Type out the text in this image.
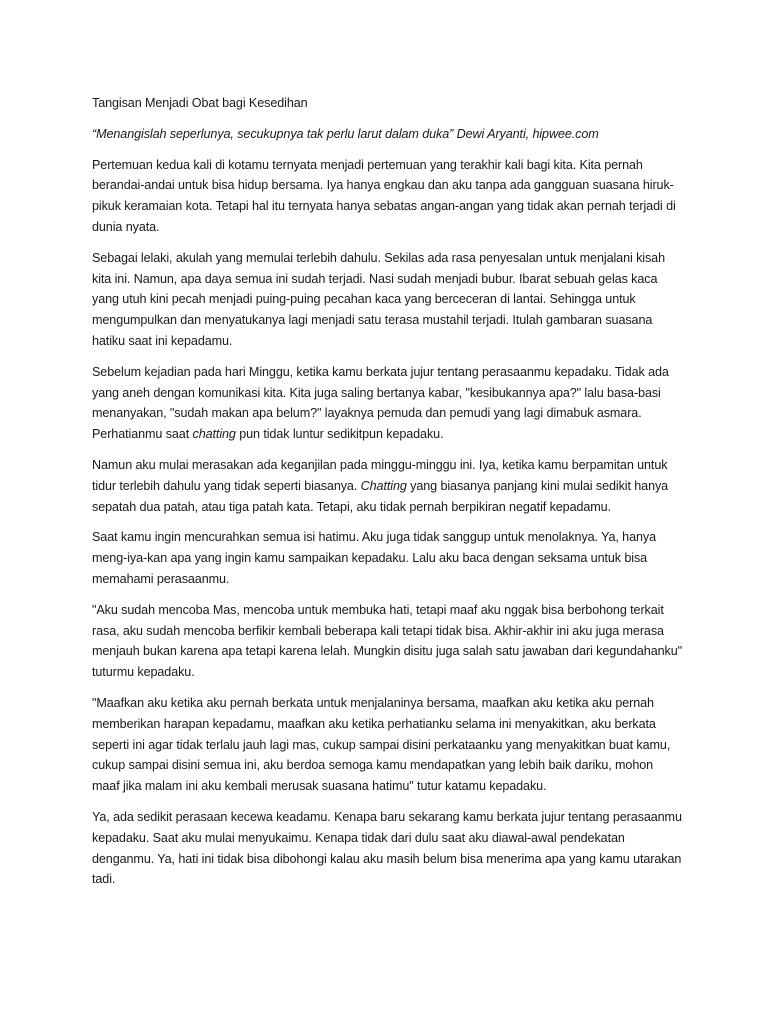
Tangisan Menjadi Obat bagi Kesedihan

“Menangislah seperlunya, secukupnya tak perlu larut dalam duka” Dewi Aryanti, hipwee.com

Pertemuan kedua kali di kotamu ternyata menjadi pertemuan yang terakhir kali bagi kita. Kita pernah berandai-andai untuk bisa hidup bersama. Iya hanya engkau dan aku tanpa ada gangguan suasana hiruk-pikuk keramaian kota. Tetapi hal itu ternyata hanya sebatas angan-angan yang tidak akan pernah terjadi di dunia nyata.

Sebagai lelaki, akulah yang memulai terlebih dahulu. Sekilas ada rasa penyesalan untuk menjalani kisah kita ini. Namun, apa daya semua ini sudah terjadi. Nasi sudah menjadi bubur. Ibarat sebuah gelas kaca yang utuh kini pecah menjadi puing-puing pecahan kaca yang berceceran di lantai. Sehingga untuk mengumpulkan dan menyatukanya lagi menjadi satu terasa mustahil terjadi. Itulah gambaran suasana hatiku saat ini kepadamu.

Sebelum kejadian pada hari Minggu, ketika kamu berkata jujur tentang perasaanmu kepadaku. Tidak ada yang aneh dengan komunikasi kita. Kita juga saling bertanya kabar, "kesibukannya apa?" lalu basa-basi menanyakan, "sudah makan apa belum?" layaknya pemuda dan pemudi yang lagi dimabuk asmara. Perhatianmu saat chatting pun tidak luntur sedikitpun kepadaku.

Namun aku mulai merasakan ada keganjilan pada minggu-minggu ini. Iya, ketika kamu berpamitan untuk tidur terlebih dahulu yang tidak seperti biasanya. Chatting yang biasanya panjang kini mulai sedikit hanya sepatah dua patah, atau tiga patah kata. Tetapi, aku tidak pernah berpikiran negatif kepadamu.

Saat kamu ingin mencurahkan semua isi hatimu. Aku juga tidak sanggup untuk menolaknya. Ya, hanya meng-iya-kan apa yang ingin kamu sampaikan kepadaku. Lalu aku baca dengan seksama untuk bisa memahami perasaanmu.

"Aku sudah mencoba Mas, mencoba untuk membuka hati, tetapi maaf aku nggak bisa berbohong terkait rasa, aku sudah mencoba berfikir kembali beberapa kali tetapi tidak bisa. Akhir-akhir ini aku juga merasa menjauh bukan karena apa tetapi karena lelah. Mungkin disitu juga salah satu jawaban dari kegundahanku" tuturmu kepadaku.

"Maafkan aku ketika aku pernah berkata untuk menjalaninya bersama, maafkan aku ketika aku pernah memberikan harapan kepadamu, maafkan aku ketika perhatianku selama ini menyakitkan, aku berkata seperti ini agar tidak terlalu jauh lagi mas, cukup sampai disini perkataanku yang menyakitkan buat kamu, cukup sampai disini semua ini, aku berdoa semoga kamu mendapatkan yang lebih baik dariku, mohon maaf jika malam ini aku kembali merusak suasana hatimu" tutur katamu kepadaku.

Ya, ada sedikit perasaan kecewa keadamu. Kenapa baru sekarang kamu berkata jujur tentang perasaanmu kepadaku. Saat aku mulai menyukaimu. Kenapa tidak dari dulu saat aku diawal-awal pendekatan denganmu. Ya, hati ini tidak bisa dibohongi kalau aku masih belum bisa menerima apa yang kamu utarakan tadi.
